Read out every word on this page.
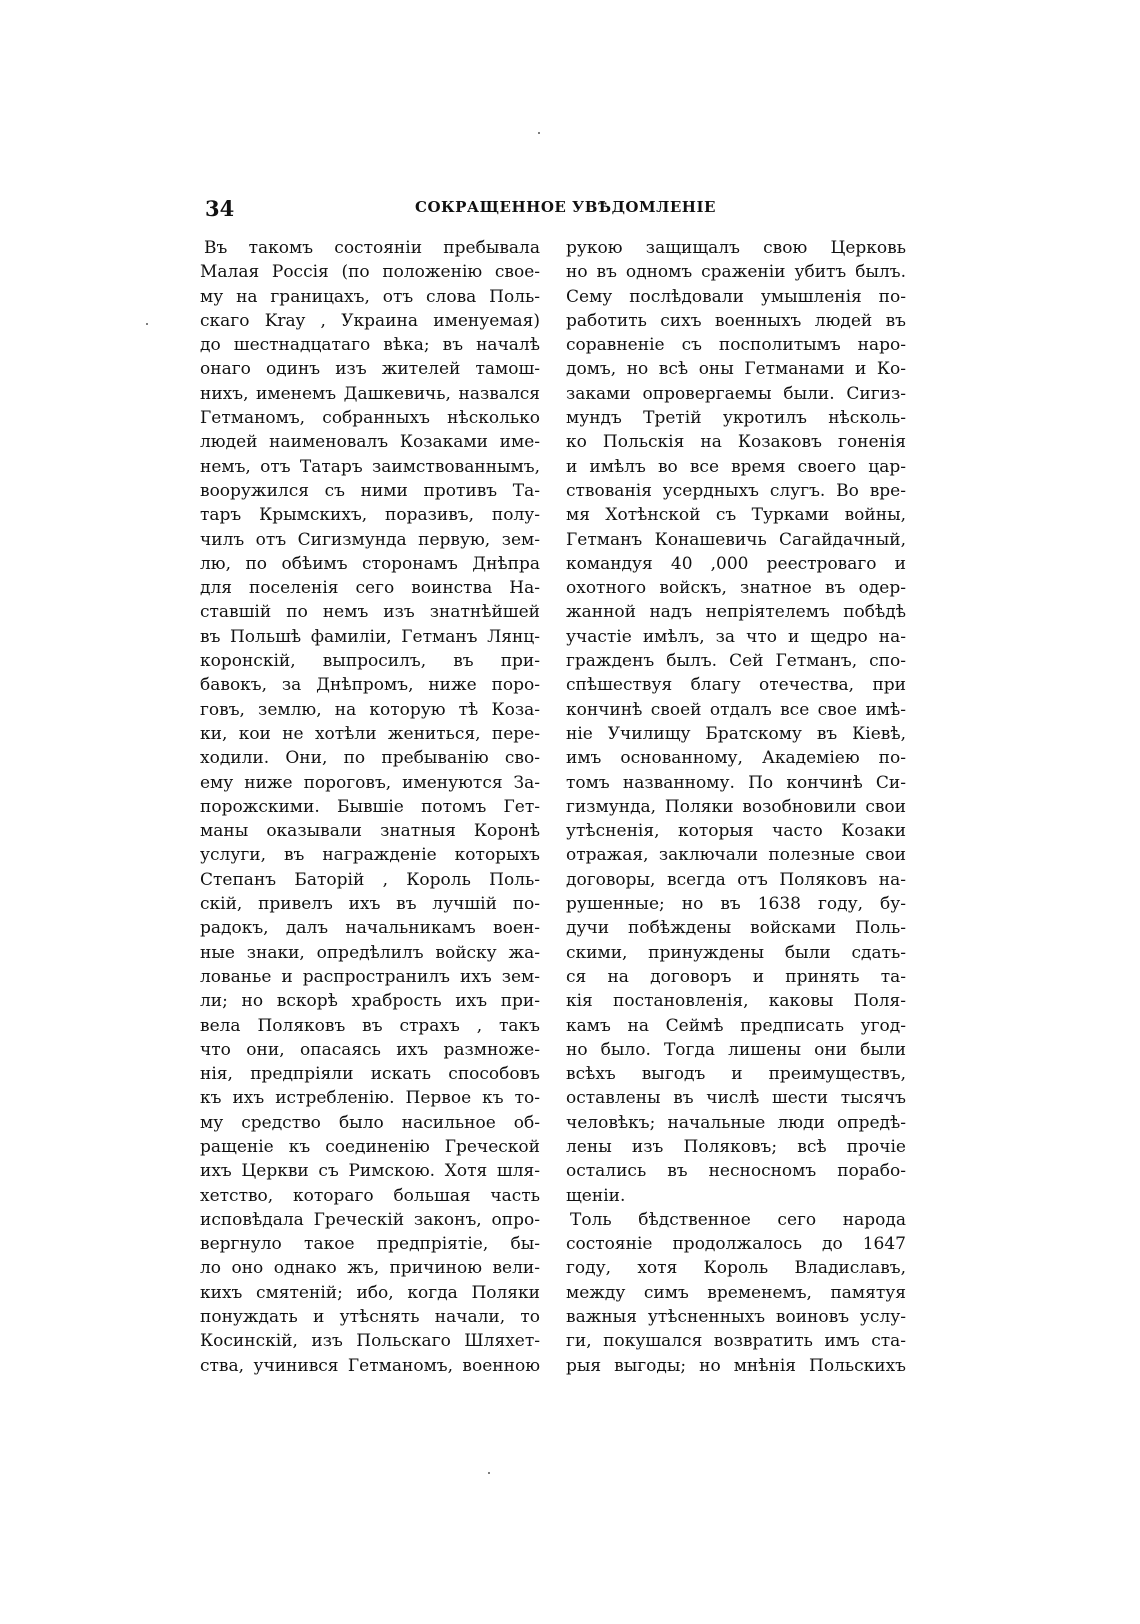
34	СОКРАЩЕННОЕ УВѢДОМЛЕНІЕ
Въ такомъ состоянiи пребывала
Малая Россія (по положенію свое-
му на границахъ, отъ слова Поль-
скаго Kray , Украина именуемая)
до шестнадцатаго вѣка; въ началѣ
онаго одинъ изъ жителей тамош-
нихъ, именемъ Дашкевичь, назвался
Гетманомъ, собранныхъ нѣсколько
людей наименовалъ Козаками име-
немъ, отъ Татаръ заимствованнымъ,
вооружился съ ними противъ Та-
таръ Крымскихъ, поразивъ, полу-
чилъ отъ Сигизмунда первую, зем-
лю, по обѣимъ сторонамъ Днѣпра
для поселенія сего воинства На-
ставшій по немъ изъ знатнѣйшей
въ Польшѣ фамиліи, Гетманъ Лянц-
коронскій, выпросилъ, въ при-
бавокъ, за Днѣпромъ, ниже поро-
говъ, землю, на которую тѣ Коза-
ки, кои не хотѣли жениться, пере-
ходили. Они, по пребыванію сво-
ему ниже пороговъ, именуются За-
порожскими. Бывшіе потомъ Гет-
маны оказывали знатныя Коронѣ
услуги, въ награжденіе которыхъ
Степанъ Баторій , Король Поль-
скій, привелъ ихъ въ лучшій по-
радокъ, далъ начальникамъ воен-
ные знаки, опредѣлилъ войску жа-
лованье и распространилъ ихъ зем-
ли; но вскорѣ храбрость ихъ при-
вела Поляковъ въ страхъ , такъ
что они, опасаясь ихъ размноже-
нія, предпріяли искать способовъ
къ ихъ истребленію. Первое къ то-
му средство было насильное об-
ращеніе къ соединенію Греческой
ихъ Церкви съ Римскою. Хотя шля-
хетство, котораго большая часть
исповѣдала Греческій законъ, опро-
вергнуло такое предпріятіе, бы-
ло оно однако жъ, причиною вели-
кихъ смятеній; ибо, когда Поляки
понуждать и утѣснять начали, то
Косинскій, изъ Польскаго Шляхет-
ства, учинився Гетманомъ, военною
рукою защищалъ свою Церковь
но въ одномъ сраженіи убитъ былъ.
Сему послѣдовали умышленія по-
работить сихъ военныхъ людей въ
соравненіе съ посполитымъ наро-
домъ, но всѣ оны Гетманами и Ко-
заками опровергаемы были. Сигиз-
мундъ Третій укротилъ нѣсколь-
ко Польскія на Козаковъ гоненія
и имѣлъ во все время своего цар-
ствованія усердныхъ слугъ. Во вре-
мя Хотѣнской съ Турками войны,
Гетманъ Конашевичь Сагайдачный,
командуя 40 ,000 реестроваго и
охотного войскъ, знатное въ одер-
жанной надъ непріятелемъ побѣдѣ
участіе имѣлъ, за что и щедро на-
гражденъ былъ. Сей Гетманъ, спо-
спѣшествуя благу отечества, при
кончинѣ своей отдалъ все свое имѣ-
ніе Училищу Братскому въ Кіевѣ,
имъ основанному, Академіею по-
томъ названному. По кончинѣ Си-
гизмунда, Поляки возобновили свои
утѣсненія, которыя часто Козаки
отражая, заключали полезные свои
договоры, всегда отъ Поляковъ на-
рушенные; но въ 1638 году, бу-
дучи побѣждены войсками Поль-
скими, принуждены были сдать-
ся на договоръ и принять та-
кія постановленія, каковы Поля-
камъ на Сеймѣ предписать угод-
но было. Тогда лишены они были
всѣхъ выгодъ и преимуществъ,
оставлены въ числѣ шести тысячъ
человѣкъ; начальные люди опредѣ-
лены изъ Поляковъ; всѣ прочіе
остались въ несносномъ порабо-
щеніи.
Толь бѣдственное сего народа
состояніе продолжалось до 1647
году, хотя Король Владиславъ,
между симъ временемъ, памятуя
важныя утѣсненныхъ воиновъ услу-
ги, покушался возвратить имъ ста-
рыя выгоды; но мнѣнія Польскихъ
